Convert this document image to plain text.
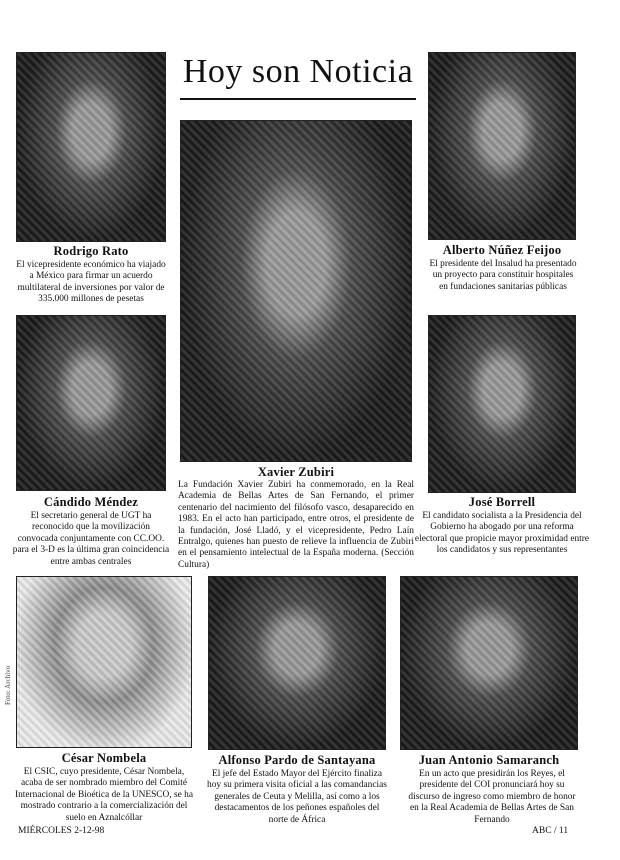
Hoy son Noticia
Rodrigo Rato
El vicepresidente económico ha viajado a México para firmar un acuerdo multilateral de inversiones por valor de 335.000 millones de pesetas
Alberto Núñez Feijoo
El presidente del Insalud ha presentado un proyecto para constituir hospitales en fundaciones sanitarias públicas
Xavier Zubiri
La Fundación Xavier Zubiri ha conmemorado, en la Real Academia de Bellas Artes de San Fernando, el primer centenario del nacimiento del filósofo vasco, desaparecido en 1983. En el acto han participado, entre otros, el presidente de la fundación, José Lladó, y el vicepresidente, Pedro Laín Entralgo, quienes han puesto de relieve la influencia de Zubiri en el pensamiento intelectual de la España moderna. (Sección Cultura)
Cándido Méndez
El secretario general de UGT ha reconocido que la movilización convocada conjuntamente con CC.OO. para el 3-D es la última gran coincidencia entre ambas centrales
José Borrell
El candidato socialista a la Presidencia del Gobierno ha abogado por una reforma electoral que propicie mayor proximidad entre los candidatos y sus representantes
César Nombela
El CSIC, cuyo presidente, César Nombela, acaba de ser nombrado miembro del Comité Internacional de Bioética de la UNESCO, se ha mostrado contrario a la comercialización del suelo en Aznalcóllar
Foto: Archivo
Alfonso Pardo de Santayana
El jefe del Estado Mayor del Ejército finaliza hoy su primera visita oficial a las comandancias generales de Ceuta y Melilla, así como a los destacamentos de los peñones españoles del norte de África
Juan Antonio Samaranch
En un acto que presidirán los Reyes, el presidente del COI pronunciará hoy su discurso de ingreso como miembro de honor en la Real Academia de Bellas Artes de San Fernando
MIÉRCOLES 2-12-98	ABC / 11
